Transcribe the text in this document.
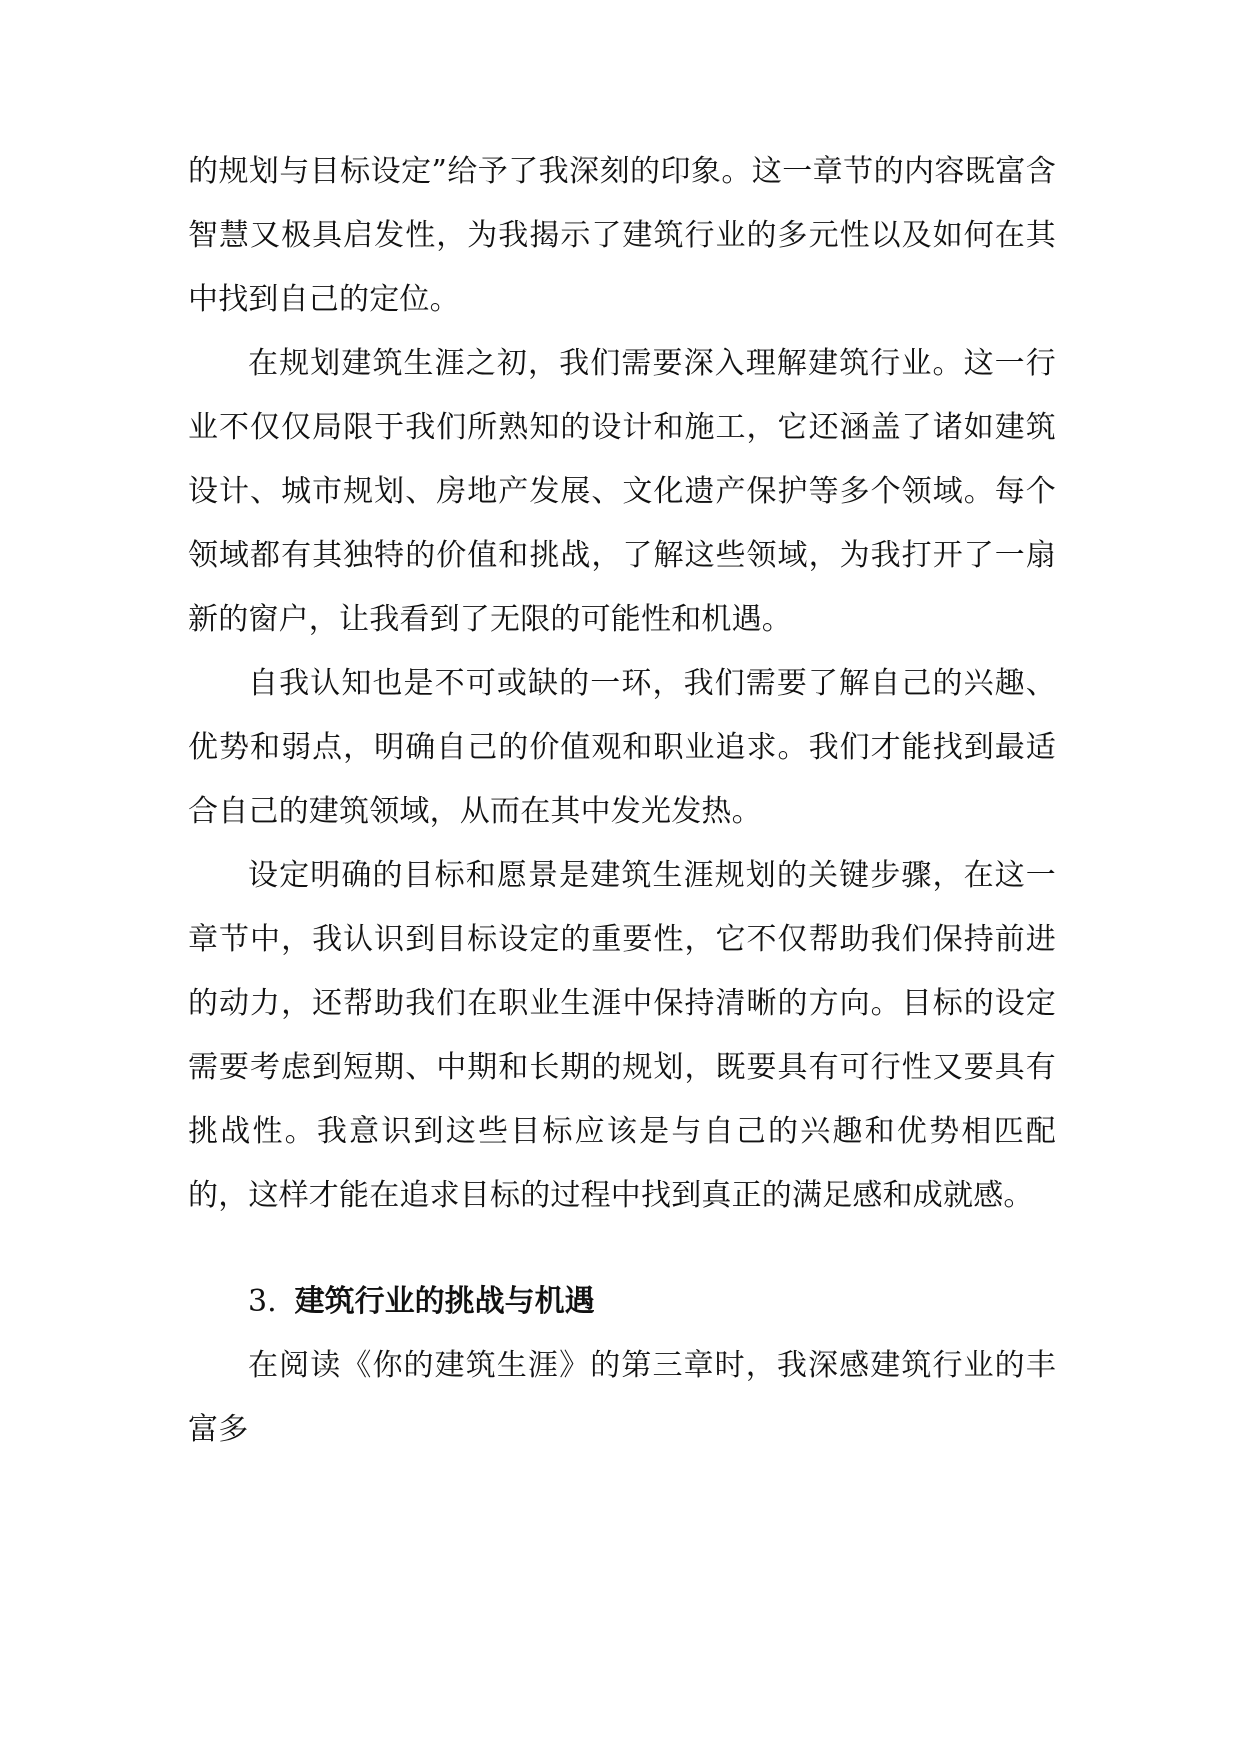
的规划与目标设定”给予了我深刻的印象。这一章节的内容既富含智慧又极具启发性，为我揭示了建筑行业的多元性以及如何在其中找到自己的定位。

在规划建筑生涯之初，我们需要深入理解建筑行业。这一行业不仅仅局限于我们所熟知的设计和施工，它还涵盖了诸如建筑设计、城市规划、房地产发展、文化遗产保护等多个领域。每个领域都有其独特的价值和挑战，了解这些领域，为我打开了一扇新的窗户，让我看到了无限的可能性和机遇。

自我认知也是不可或缺的一环，我们需要了解自己的兴趣、优势和弱点，明确自己的价值观和职业追求。我们才能找到最适合自己的建筑领域，从而在其中发光发热。

设定明确的目标和愿景是建筑生涯规划的关键步骤，在这一章节中，我认识到目标设定的重要性，它不仅帮助我们保持前进的动力，还帮助我们在职业生涯中保持清晰的方向。目标的设定需要考虑到短期、中期和长期的规划，既要具有可行性又要具有挑战性。我意识到这些目标应该是与自己的兴趣和优势相匹配的，这样才能在追求目标的过程中找到真正的满足感和成就感。

3. 建筑行业的挑战与机遇

在阅读《你的建筑生涯》的第三章时，我深感建筑行业的丰富多
